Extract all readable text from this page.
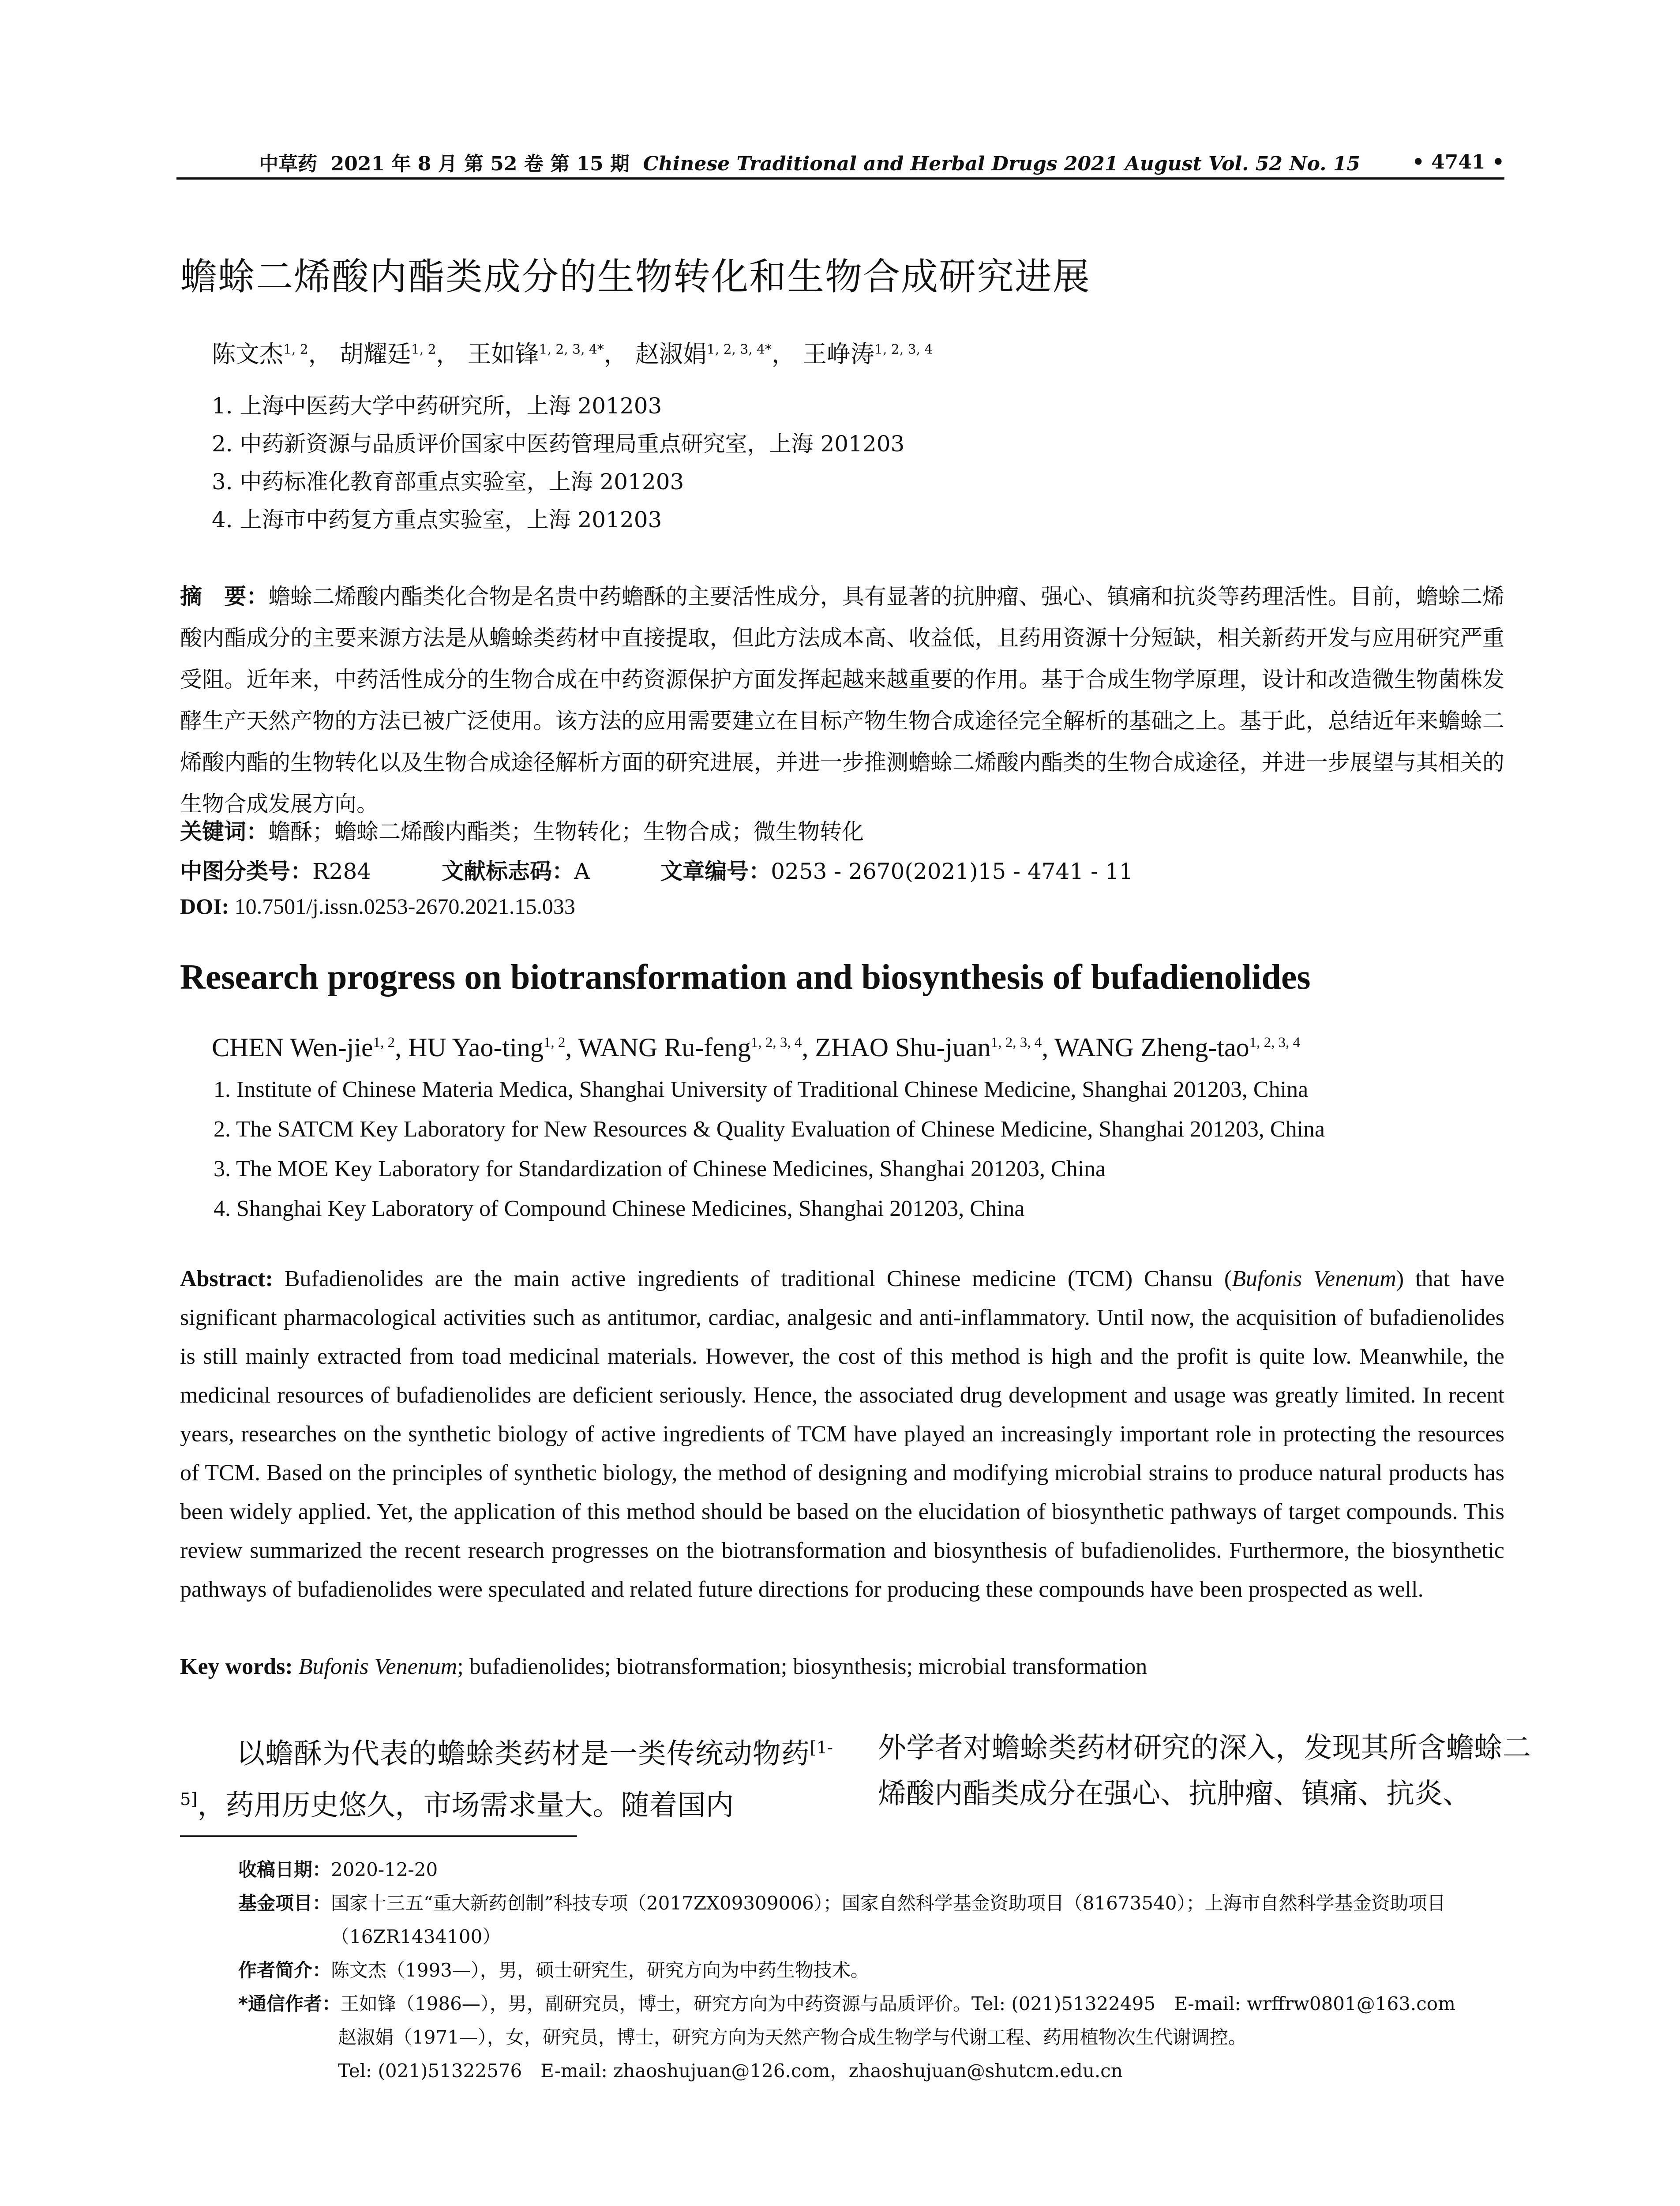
中草药 2021 年 8 月 第 52 卷 第 15 期 Chinese Traditional and Herbal Drugs 2021 August Vol. 52 No. 15	• 4741 •
蟾蜍二烯酸内酯类成分的生物转化和生物合成研究进展
陈文杰$^{1, 2}$， 胡耀廷$^{1, 2}$， 王如锋$^{1, 2, 3, 4*}$， 赵淑娟$^{1, 2, 3, 4*}$， 王峥涛$^{1, 2, 3, 4}$
1. 上海中医药大学中药研究所，上海 201203
2. 中药新资源与品质评价国家中医药管理局重点研究室，上海 201203
3. 中药标准化教育部重点实验室，上海 201203
4. 上海市中药复方重点实验室，上海 201203
摘　要：蟾蜍二烯酸内酯类化合物是名贵中药蟾酥的主要活性成分，具有显著的抗肿瘤、强心、镇痛和抗炎等药理活性。目前，蟾蜍二烯酸内酯成分的主要来源方法是从蟾蜍类药材中直接提取，但此方法成本高、收益低，且药用资源十分短缺，相关新药开发与应用研究严重受阻。近年来，中药活性成分的生物合成在中药资源保护方面发挥起越来越重要的作用。基于合成生物学原理，设计和改造微生物菌株发酵生产天然产物的方法已被广泛使用。该方法的应用需要建立在目标产物生物合成途径完全解析的基础之上。基于此，总结近年来蟾蜍二烯酸内酯的生物转化以及生物合成途径解析方面的研究进展，并进一步推测蟾蜍二烯酸内酯类的生物合成途径，并进一步展望与其相关的生物合成发展方向。
关键词：蟾酥；蟾蜍二烯酸内酯类；生物转化；生物合成；微生物转化
中图分类号：R284	文献标志码：A	文章编号：0253 - 2670(2021)15 - 4741 - 11
DOI: 10.7501/j.issn.0253-2670.2021.15.033
Research progress on biotransformation and biosynthesis of bufadienolides
CHEN Wen-jie$^{1, 2}$, HU Yao-ting$^{1, 2}$, WANG Ru-feng$^{1, 2, 3, 4}$, ZHAO Shu-juan$^{1, 2, 3, 4}$, WANG Zheng-tao$^{1, 2, 3, 4}$
1. Institute of Chinese Materia Medica, Shanghai University of Traditional Chinese Medicine, Shanghai 201203, China
2. The SATCM Key Laboratory for New Resources & Quality Evaluation of Chinese Medicine, Shanghai 201203, China
3. The MOE Key Laboratory for Standardization of Chinese Medicines, Shanghai 201203, China
4. Shanghai Key Laboratory of Compound Chinese Medicines, Shanghai 201203, China
Abstract: Bufadienolides are the main active ingredients of traditional Chinese medicine (TCM) Chansu (Bufonis Venenum) that have significant pharmacological activities such as antitumor, cardiac, analgesic and anti-inflammatory. Until now, the acquisition of bufadienolides is still mainly extracted from toad medicinal materials. However, the cost of this method is high and the profit is quite low. Meanwhile, the medicinal resources of bufadienolides are deficient seriously. Hence, the associated drug development and usage was greatly limited. In recent years, researches on the synthetic biology of active ingredients of TCM have played an increasingly important role in protecting the resources of TCM. Based on the principles of synthetic biology, the method of designing and modifying microbial strains to produce natural products has been widely applied. Yet, the application of this method should be based on the elucidation of biosynthetic pathways of target compounds. This review summarized the recent research progresses on the biotransformation and biosynthesis of bufadienolides. Furthermore, the biosynthetic pathways of bufadienolides were speculated and related future directions for producing these compounds have been prospected as well.
Key words: Bufonis Venenum; bufadienolides; biotransformation; biosynthesis; microbial transformation
以蟾酥为代表的蟾蜍类药材是一类传统动物药[1-5]，药用历史悠久，市场需求量大。随着国内
外学者对蟾蜍类药材研究的深入，发现其所含蟾蜍二烯酸内酯类成分在强心、抗肿瘤、镇痛、抗炎、
收稿日期： 2020-12-20
基金项目： 国家十三五“重大新药创制”科技专项（2017ZX09309006）；国家自然科学基金资助项目（81673540）；上海市自然科学基金资助项目（16ZR1434100）
作者简介： 陈文杰（1993—），男，硕士研究生，研究方向为中药生物技术。
*通信作者： 王如锋（1986—），男，副研究员，博士，研究方向为中药资源与品质评价。Tel: (021)51322495　E-mail: wrffrw0801@163.com
赵淑娟（1971—），女，研究员，博士，研究方向为天然产物合成生物学与代谢工程、药用植物次生代谢调控。
Tel: (021)51322576　E-mail: zhaoshujuan@126.com，zhaoshujuan@shutcm.edu.cn
